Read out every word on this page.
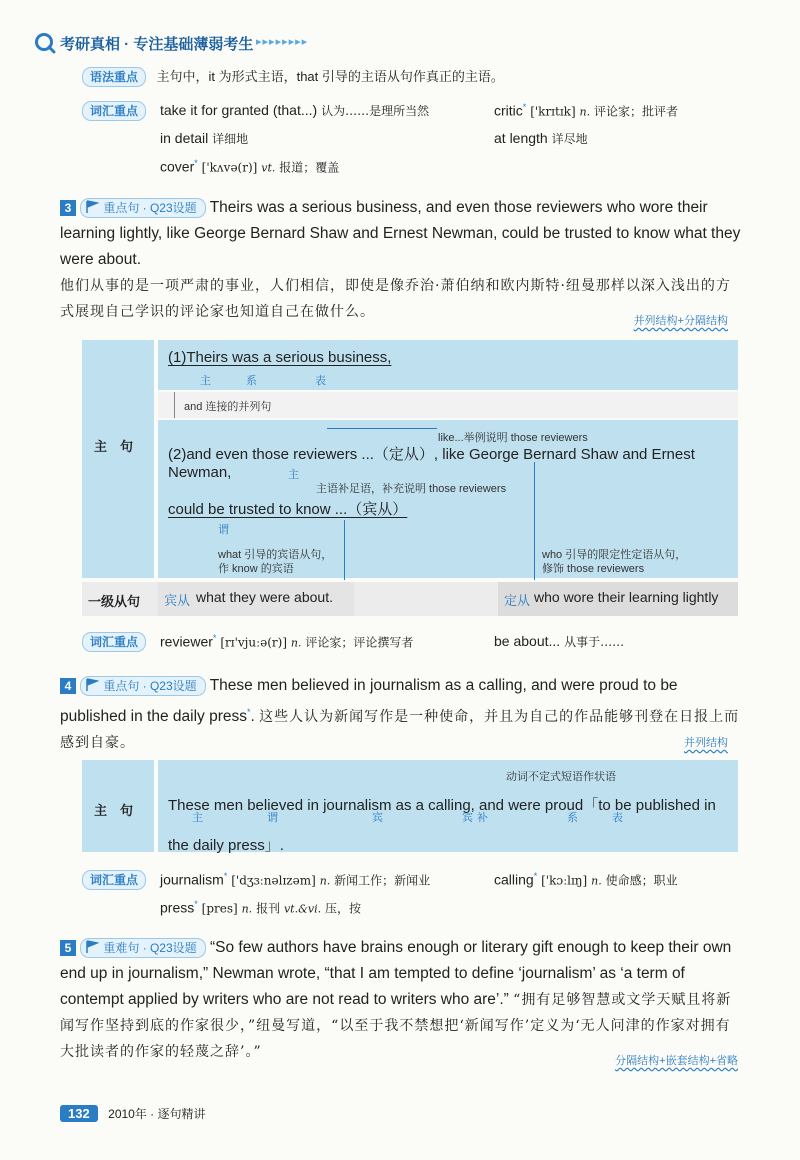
考研真相 · 专注基础薄弱考生 ▸▸▸▸▸▸▸▸
语法重点 主句中，it 为形式主语，that 引导的主语从句作真正的主语。
词汇重点	take it for granted (that...) 认为……是理所当然	critic* ['krɪtɪk] n. 评论家；批评者
in detail 详细地	at length 详尽地
cover* ['kʌvə(r)] vt. 报道；覆盖
3	重点句 · Q23设题 Theirs was a serious business, and even those reviewers who wore their learning lightly, like George Bernard Shaw and Ernest Newman, could be trusted to know what they were about.
他们从事的是一项严肃的事业，人们相信，即使是像乔治·萧伯纳和欧内斯特·纽曼那样以深入浅出的方式展现自己学识的评论家也知道自己在做什么。
并列结构+分隔结构
主　句
(1)Theirs was a serious business,
主　系　　表
and 连接的并列句
like...举例说明 those reviewers
(2)and even those reviewers ...（定从）, like George Bernard Shaw and Ernest Newman,	主
主语补足语，补充说明 those reviewers
could be trusted to know ...（宾从）
谓
what 引导的宾语从句，
作 know 的宾语
who 引导的限定性定语从句，
修饰 those reviewers
一级从句 宾从 what they were about.	定从 who wore their learning lightly
词汇重点	reviewer* [rɪ'vjuːə(r)] n. 评论家；评论撰写者	be about... 从事于……
4	重点句 · Q23设题 These men believed in journalism as a calling, and were proud to be published in the daily press*. 这些人认为新闻写作是一种使命，并且为自己的作品能够刊登在日报上而感到自豪。	并列结构
主　句
动词不定式短语作状语
These men believed in journalism as a calling, and were proud「to be published in the daily press」.
主　　　　谓　　　　　　宾　　　　　宾补　　　　　系　　表
词汇重点	journalism* ['dʒɜːnəlɪzəm] n. 新闻工作；新闻业	calling* ['kɔːlɪŋ] n. 使命感；职业
press* [pres] n. 报刊 vt.&vi. 压，按
5	重难句 · Q23设题 “So few authors have brains enough or literary gift enough to keep their own end up in journalism,” Newman wrote, “that I am tempted to define ‘journalism’ as ‘a term of contempt applied by writers who are not read to writers who are’.” “拥有足够智慧或文学天赋且将新闻写作坚持到底的作家很少，”纽曼写道，“以至于我不禁想把‘新闻写作’定义为‘无人问津的作家对拥有大批读者的作家的轻蔑之辞’。”
分隔结构+嵌套结构+省略
132 2010年 · 逐句精讲
